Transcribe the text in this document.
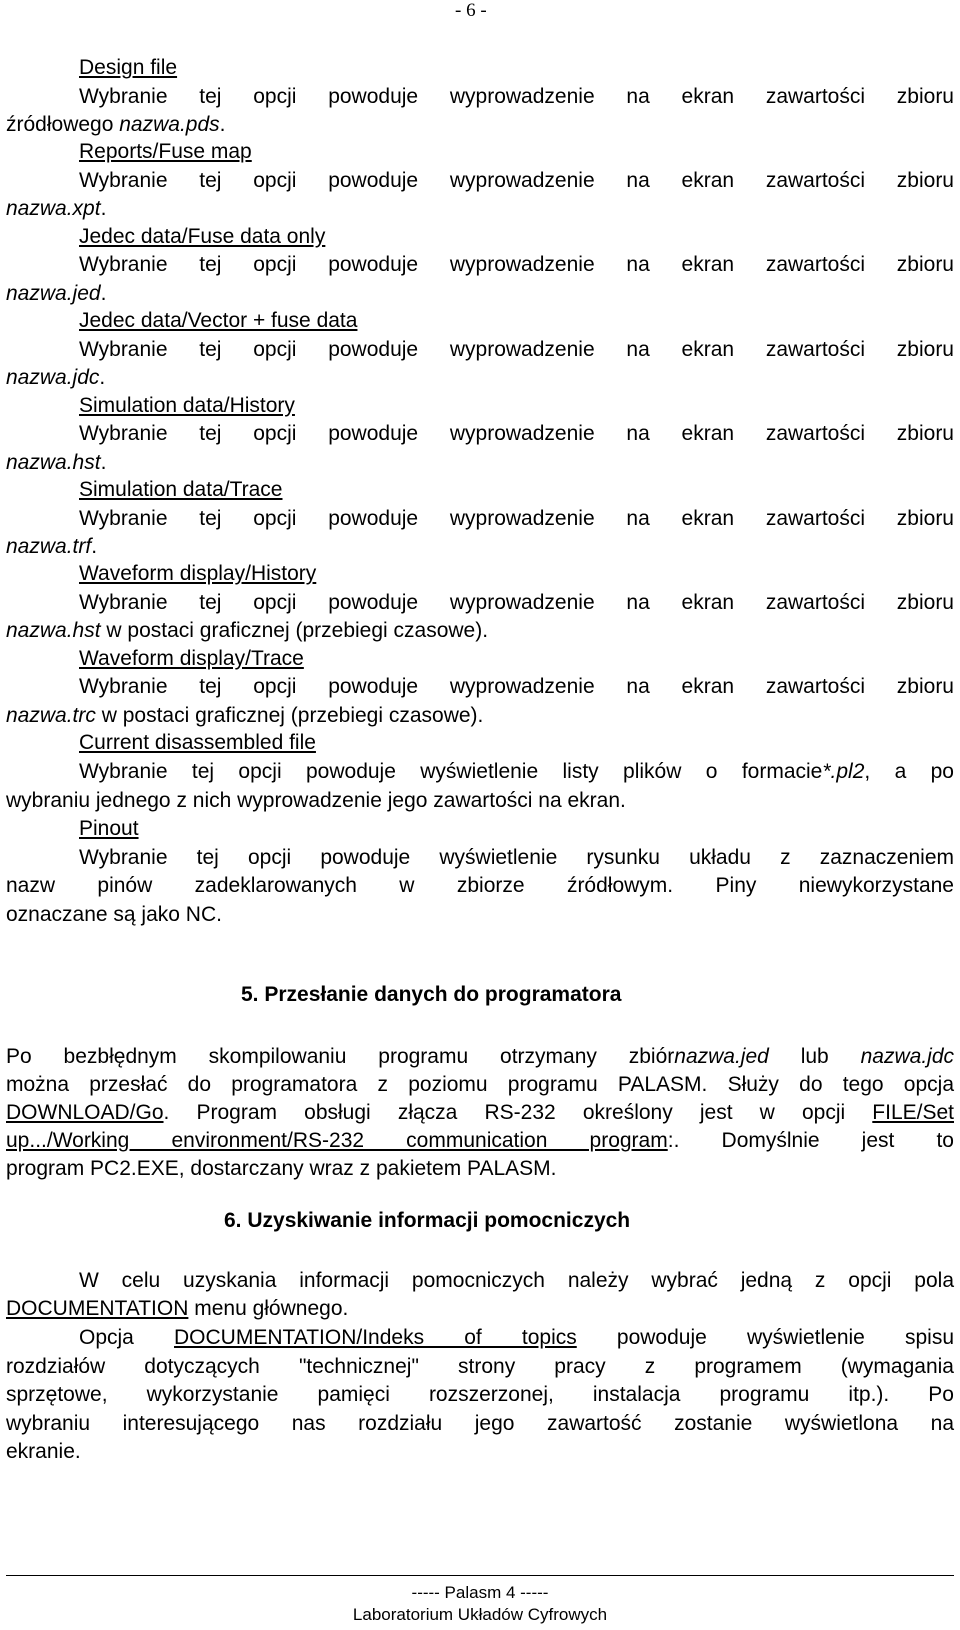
- 6 -
Design file
Wybranie tej opcji powoduje wyprowadzenie na ekran zawartości zbioru
źródłowego nazwa.pds.
Reports/Fuse map
Wybranie tej opcji powoduje wyprowadzenie na ekran zawartości zbioru
nazwa.xpt.
Jedec data/Fuse data only
Wybranie tej opcji powoduje wyprowadzenie na ekran zawartości zbioru
nazwa.jed.
Jedec data/Vector + fuse data
Wybranie tej opcji powoduje wyprowadzenie na ekran zawartości zbioru
nazwa.jdc.
Simulation data/History
Wybranie tej opcji powoduje wyprowadzenie na ekran zawartości zbioru
nazwa.hst.
Simulation data/Trace
Wybranie tej opcji powoduje wyprowadzenie na ekran zawartości zbioru
nazwa.trf.
Waveform display/History
Wybranie tej opcji powoduje wyprowadzenie na ekran zawartości zbioru
nazwa.hst w postaci graficznej (przebiegi czasowe).
Waveform display/Trace
Wybranie tej opcji powoduje wyprowadzenie na ekran zawartości zbioru
nazwa.trc w postaci graficznej (przebiegi czasowe).
Current disassembled file
Wybranie tej opcji powoduje wyświetlenie listy plików o formacie*.pl2, a po
wybraniu jednego z nich wyprowadzenie jego zawartości na ekran.
Pinout
Wybranie tej opcji powoduje wyświetlenie rysunku układu z zaznaczeniem
nazw pinów zadeklarowanych w zbiorze źródłowym. Piny niewykorzystane
oznaczane są jako NC.
5. Przesłanie danych do programatora
Po bezbłędnym skompilowaniu programu otrzymany zbiórnazwa.jed lub nazwa.jdc
można przesłać do programatora z poziomu programu PALASM. Służy do tego opcja
DOWNLOAD/Go. Program obsługi złącza RS-232 określony jest w opcji FILE/Set
up.../Working environment/RS-232 communication program:. Domyślnie jest to
program PC2.EXE, dostarczany wraz z pakietem PALASM.
6. Uzyskiwanie informacji pomocniczych
W celu uzyskania informacji pomocniczych należy wybrać jedną z opcji pola
DOCUMENTATION menu głównego.
Opcja DOCUMENTATION/Indeks of topics powoduje wyświetlenie spisu
rozdziałów dotyczących "technicznej" strony pracy z programem (wymagania
sprzętowe, wykorzystanie pamięci rozszerzonej, instalacja programu itp.). Po
wybraniu interesującego nas rozdziału jego zawartość zostanie wyświetlona na
ekranie.
----- Palasm 4 -----
Laboratorium Układów Cyfrowych
